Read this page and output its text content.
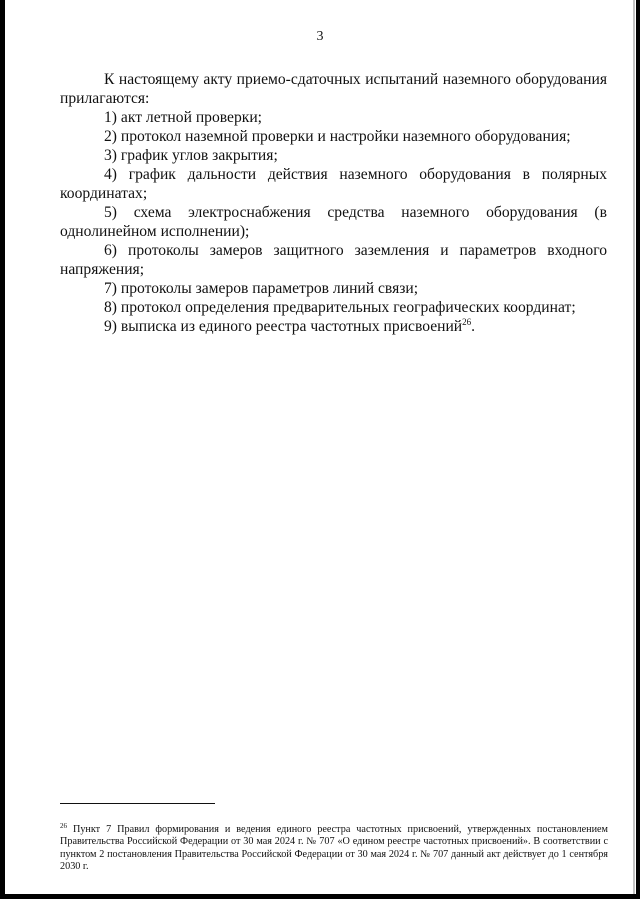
3

К настоящему акту приемо-сдаточных испытаний наземного оборудования прилагаются:

1) акт летной проверки;

2) протокол наземной проверки и настройки наземного оборудования;

3) график углов закрытия;

4) график дальности действия наземного оборудования в полярных координатах;

5) схема электроснабжения средства наземного оборудования (в однолинейном исполнении);

6) протоколы замеров защитного заземления и параметров входного напряжения;

7) протоколы замеров параметров линий связи;

8) протокол определения предварительных географических координат;

9) выписка из единого реестра частотных присвоений$^{26}$.

$^{26}$ Пункт 7 Правил формирования и ведения единого реестра частотных присвоений, утвержденных постановлением Правительства Российской Федерации от 30 мая 2024 г. № 707 «О едином реестре частотных присвоений». В соответствии с пунктом 2 постановления Правительства Российской Федерации от 30 мая 2024 г. № 707 данный акт действует до 1 сентября 2030 г.
